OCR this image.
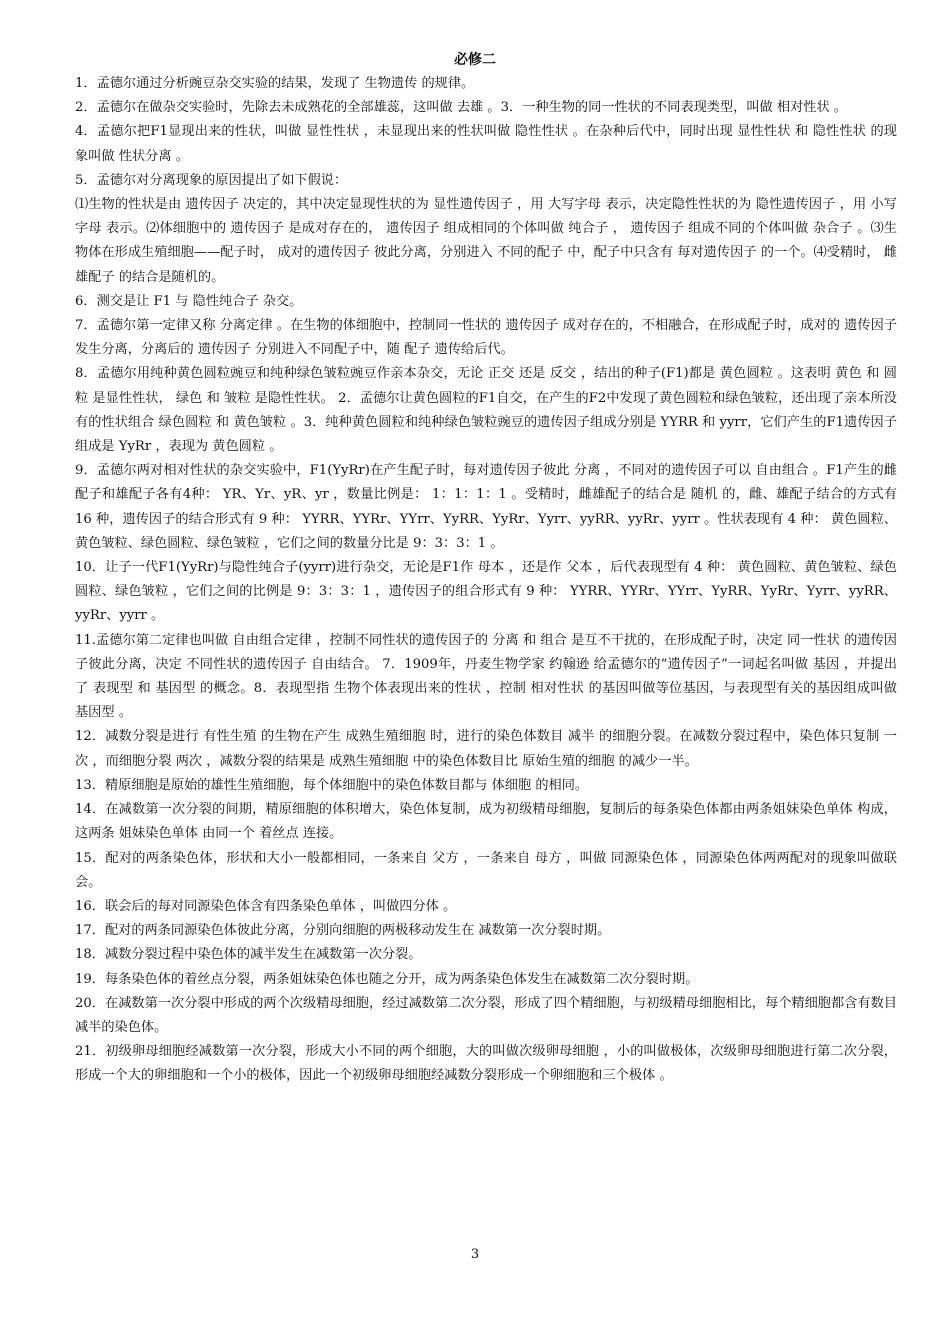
必修二

1．孟德尔通过分析豌豆杂交实验的结果，发现了 生物遗传 的规律。

2．孟德尔在做杂交实验时，先除去未成熟花的全部雄蕊，这叫做 去雄 。3．一种生物的同一性状的不同表现类型，叫做 相对性状 。

4．孟德尔把F1显现出来的性状，叫做 显性性状 ，未显现出来的性状叫做 隐性性状 。在杂种后代中，同时出现 显性性状 和 隐性性状 的现象叫做 性状分离 。

5．孟德尔对分离现象的原因提出了如下假说：

⑴生物的性状是由 遗传因子 决定的，其中决定显现性状的为 显性遗传因子 ，用 大写字母 表示，决定隐性性状的为 隐性遗传因子 ，用 小写字母 表示。⑵体细胞中的 遗传因子 是成对存在的， 遗传因子 组成相同的个体叫做 纯合子 ， 遗传因子 组成不同的个体叫做 杂合子 。⑶生物体在形成生殖细胞——配子时， 成对的遗传因子 彼此分离，分别进入 不同的配子 中，配子中只含有 每对遗传因子 的一个。⑷受精时， 雌雄配子 的结合是随机的。

6．测交是让 F1 与 隐性纯合子 杂交。

7．孟德尔第一定律又称 分离定律 。在生物的体细胞中，控制同一性状的 遗传因子 成对存在的，不相融合，在形成配子时，成对的 遗传因子 发生分离，分离后的 遗传因子 分别进入不同配子中，随 配子 遗传给后代。

8．孟德尔用纯种黄色圆粒豌豆和纯种绿色皱粒豌豆作亲本杂交，无论 正交 还是 反交 ，结出的种子(F1)都是 黄色圆粒 。这表明 黄色 和 圆粒 是显性性状， 绿色 和 皱粒 是隐性性状。 2．孟德尔让黄色圆粒的F1自交，在产生的F2中发现了黄色圆粒和绿色皱粒，还出现了亲本所没有的性状组合 绿色圆粒 和 黄色皱粒 。3．纯种黄色圆粒和纯种绿色皱粒豌豆的遗传因子组成分别是 YYRR 和 yyrr，它们产生的F1遗传因子组成是 YyRr ，表现为 黄色圆粒 。

9．孟德尔两对相对性状的杂交实验中，F1(YyRr)在产生配子时，每对遗传因子彼此 分离 ，不同对的遗传因子可以 自由组合 。F1产生的雌配子和雄配子各有4种： YR、Yr、yR、yr ，数量比例是： 1：1：1：1 。受精时，雌雄配子的结合是 随机 的，雌、雄配子结合的方式有 16 种，遗传因子的结合形式有 9 种： YYRR、YYRr、YYrr、YyRR、YyRr、Yyrr、yyRR、yyRr、yyrr 。性状表现有 4 种： 黄色圆粒、黄色皱粒、绿色圆粒、绿色皱粒 ，它们之间的数量分比是 9：3：3：1 。

10．让子一代F1(YyRr)与隐性纯合子(yyrr)进行杂交，无论是F1作 母本 ，还是作 父本 ，后代表现型有 4 种： 黄色圆粒、黄色皱粒、绿色圆粒、绿色皱粒 ，它们之间的比例是 9：3：3：1 ，遗传因子的组合形式有 9 种： YYRR、YYRr、YYrr、YyRR、YyRr、Yyrr、yyRR、yyRr、yyrr 。

11.孟德尔第二定律也叫做 自由组合定律 ，控制不同性状的遗传因子的 分离 和 组合 是互不干扰的，在形成配子时，决定 同一性状 的遗传因子彼此分离，决定 不同性状的遗传因子 自由结合。 7．1909年，丹麦生物学家 约翰逊 给孟德尔的“遗传因子”一词起名叫做 基因 ，并提出了 表现型 和 基因型 的概念。8．表现型指 生物个体表现出来的性状 ，控制 相对性状 的基因叫做等位基因，与表现型有关的基因组成叫做 基因型 。

12．减数分裂是进行 有性生殖 的生物在产生 成熟生殖细胞 时，进行的染色体数目 减半 的细胞分裂。在减数分裂过程中，染色体只复制 一次 ，而细胞分裂 两次 ，减数分裂的结果是 成熟生殖细胞 中的染色体数目比 原始生殖的细胞 的减少一半。

13．精原细胞是原始的雄性生殖细胞，每个体细胞中的染色体数目都与 体细胞 的相同。

14．在减数第一次分裂的间期，精原细胞的体积增大，染色体复制，成为初级精母细胞，复制后的每条染色体都由两条姐妹染色单体 构成，这两条 姐妹染色单体 由同一个 着丝点 连接。

15．配对的两条染色体，形状和大小一般都相同，一条来自 父方 ，一条来自 母方 ，叫做 同源染色体 ，同源染色体两两配对的现象叫做联会。

16．联会后的每对同源染色体含有四条染色单体 ，叫做四分体 。

17．配对的两条同源染色体彼此分离，分别向细胞的两极移动发生在 减数第一次分裂时期。

18．减数分裂过程中染色体的减半发生在减数第一次分裂。

19．每条染色体的着丝点分裂，两条姐妹染色体也随之分开，成为两条染色体发生在减数第二次分裂时期。

20．在减数第一次分裂中形成的两个次级精母细胞，经过减数第二次分裂，形成了四个精细胞，与初级精母细胞相比，每个精细胞都含有数目减半的染色体。

21．初级卵母细胞经减数第一次分裂，形成大小不同的两个细胞，大的叫做次级卵母细胞 ，小的叫做极体，次级卵母细胞进行第二次分裂，形成一个大的卵细胞和一个小的极体，因此一个初级卵母细胞经减数分裂形成一个卵细胞和三个极体 。

3
